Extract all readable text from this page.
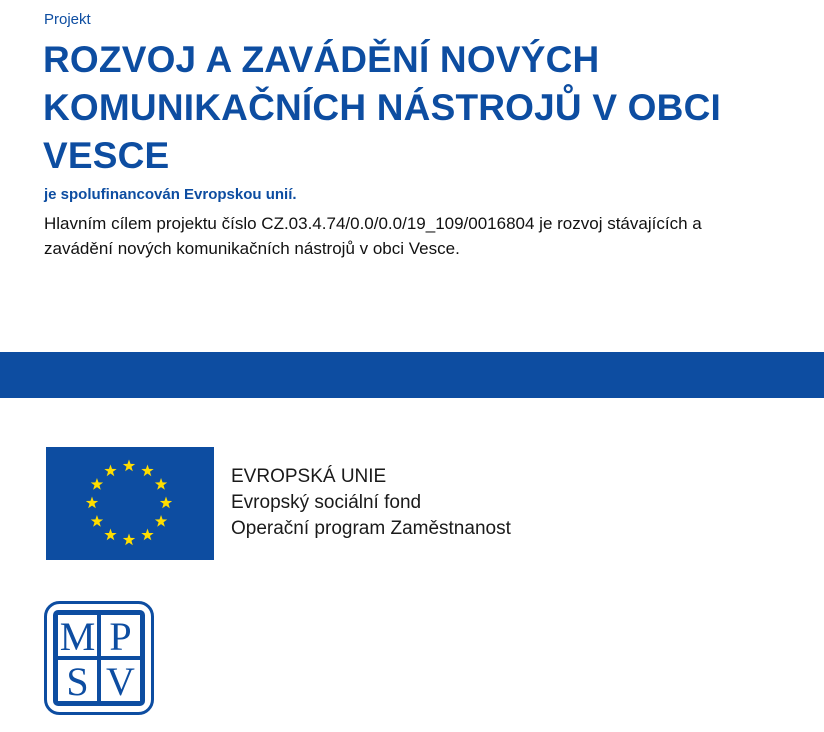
Projekt
ROZVOJ A ZAVÁDĚNÍ NOVÝCH KOMUNIKAČNÍCH NÁSTROJŮ V OBCI VESCE
je spolufinancován Evropskou unií.
Hlavním cílem projektu číslo CZ.03.4.74/0.0/0.0/19_109/0016804 je rozvoj stávajících a zavádění nových komunikačních nástrojů v obci Vesce.
EVROPSKÁ UNIE
Evropský sociální fond
Operační program Zaměstnanost
M P
S V
